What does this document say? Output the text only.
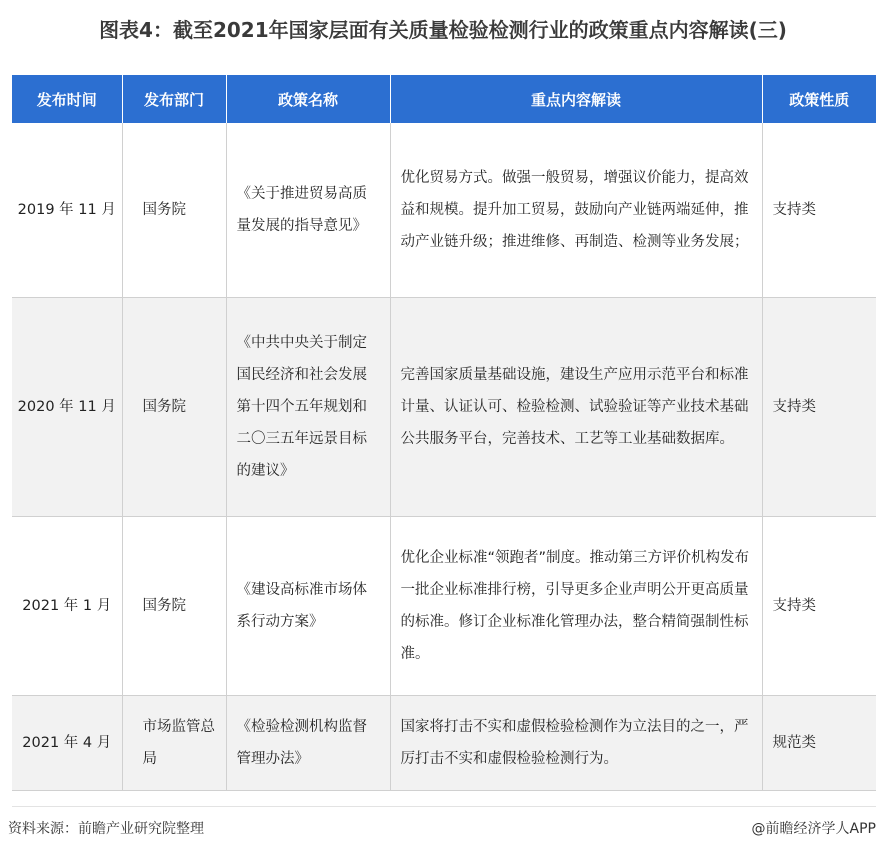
图表4：截至2021年国家层面有关质量检验检测行业的政策重点内容解读(三)
发布时间	发布部门	政策名称	重点内容解读	政策性质
2019 年 11 月	国务院	《关于推进贸易高质量发展的指导意见》	优化贸易方式。做强一般贸易，增强议价能力，提高效益和规模。提升加工贸易，鼓励向产业链两端延伸，推动产业链升级；推进维修、再制造、检测等业务发展；	支持类
2020 年 11 月	国务院	《中共中央关于制定国民经济和社会发展第十四个五年规划和二〇三五年远景目标的建议》	完善国家质量基础设施，建设生产应用示范平台和标准计量、认证认可、检验检测、试验验证等产业技术基础公共服务平台，完善技术、工艺等工业基础数据库。	支持类
2021 年 1 月	国务院	《建设高标准市场体系行动方案》	优化企业标准“领跑者”制度。推动第三方评价机构发布一批企业标准排行榜，引导更多企业声明公开更高质量的标准。修订企业标准化管理办法，整合精简强制性标准。	支持类
2021 年 4 月	市场监管总局	《检验检测机构监督管理办法》	国家将打击不实和虚假检验检测作为立法目的之一，严厉打击不实和虚假检验检测行为。	规范类
资料来源：前瞻产业研究院整理	@前瞻经济学人APP
